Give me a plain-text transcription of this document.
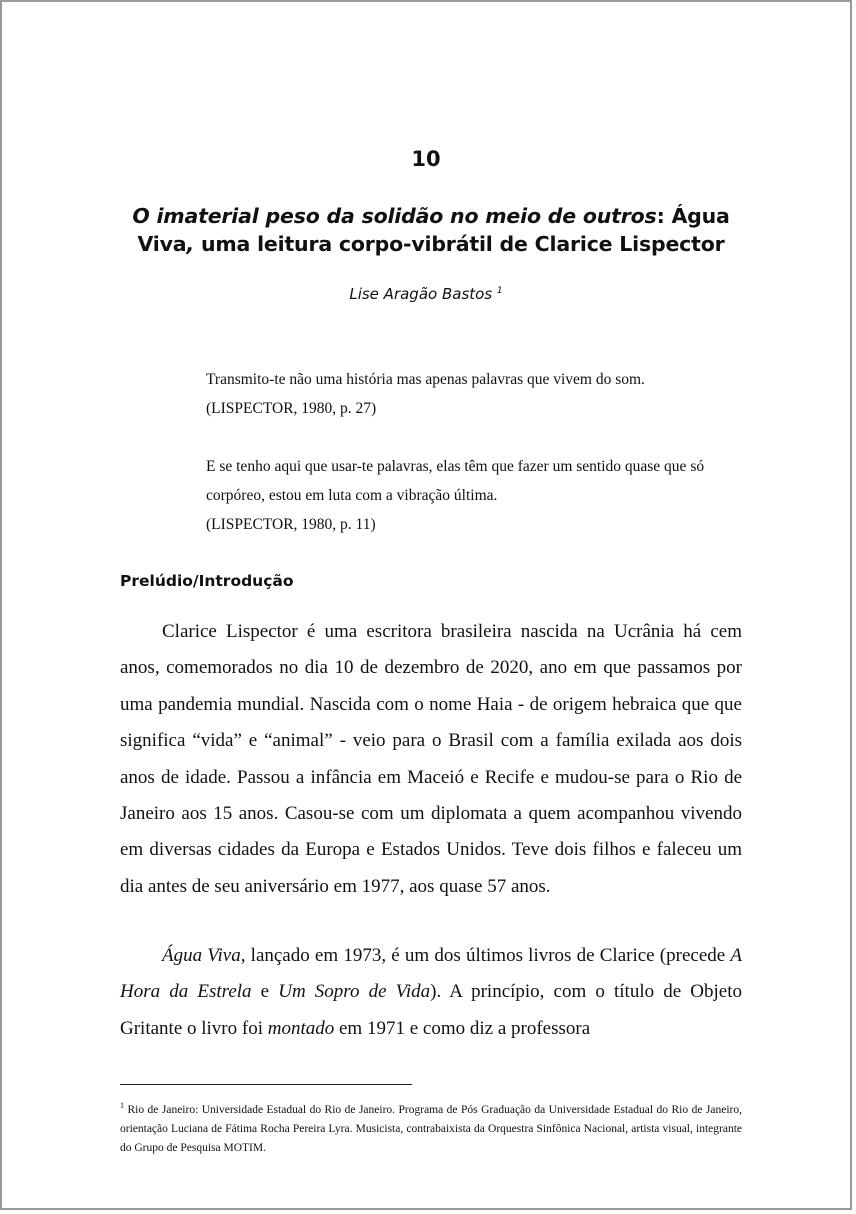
10
O imaterial peso da solidão no meio de outros: Água Viva, uma leitura corpo-vibrátil de Clarice Lispector
Lise Aragão Bastos $^1$
Transmito-te não uma história mas apenas palavras que vivem do som.
(LISPECTOR, 1980, p. 27)
E se tenho aqui que usar-te palavras, elas têm que fazer um sentido quase que só corpóreo, estou em luta com a vibração última.
(LISPECTOR, 1980, p. 11)
Prelúdio/Introdução
Clarice Lispector é uma escritora brasileira nascida na Ucrânia há cem anos, comemorados no dia 10 de dezembro de 2020, ano em que passamos por uma pandemia mundial. Nascida com o nome Haia - de origem hebraica que que significa “vida” e “animal” - veio para o Brasil com a família exilada aos dois anos de idade. Passou a infância em Maceió e Recife e mudou-se para o Rio de Janeiro aos 15 anos. Casou-se com um diplomata a quem acompanhou vivendo em diversas cidades da Europa e Estados Unidos. Teve dois filhos e faleceu um dia antes de seu aniversário em 1977, aos quase 57 anos.
Água Viva, lançado em 1973, é um dos últimos livros de Clarice (precede A Hora da Estrela e Um Sopro de Vida). A princípio, com o título de Objeto Gritante o livro foi montado em 1971 e como diz a professora
$^1$ Rio de Janeiro: Universidade Estadual do Rio de Janeiro. Programa de Pós Graduação da Universidade Estadual do Rio de Janeiro, orientação Luciana de Fátima Rocha Pereira Lyra. Musicista, contrabaixista da Orquestra Sinfônica Nacional, artista visual, integrante do Grupo de Pesquisa MOTIM.
